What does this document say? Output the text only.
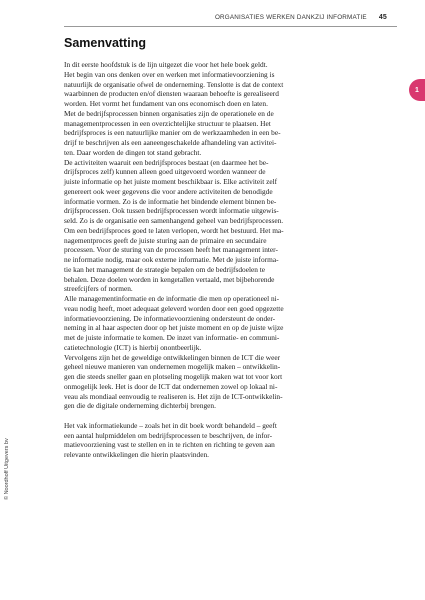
ORGANISATIES WERKEN DANKZIJ INFORMATIE 45
1
Samenvatting
In dit eerste hoofdstuk is de lijn uitgezet die voor het hele boek geldt.
Het begin van ons denken over en werken met informatievoorziening is
natuurlijk de organisatie ofwel de onderneming. Tenslotte is dat de context
waarbinnen de producten en/of diensten waaraan behoefte is gerealiseerd
worden. Het vormt het fundament van ons economisch doen en laten.
Met de bedrijfsprocessen binnen organisaties zijn de operationele en de
managementprocessen in een overzichtelijke structuur te plaatsen. Het
bedrijfsproces is een natuurlijke manier om de werkzaamheden in een be-
drijf te beschrijven als een aaneengeschakelde afhandeling van activitei-
ten. Daar worden de dingen tot stand gebracht.
De activiteiten waaruit een bedrijfsproces bestaat (en daarmee het be-
drijfsproces zelf) kunnen alleen goed uitgevoerd worden wanneer de
juiste informatie op het juiste moment beschikbaar is. Elke activiteit zelf
genereert ook weer gegevens die voor andere activiteiten de benodigde
informatie vormen. Zo is de informatie het bindende element binnen be-
drijfsprocessen. Ook tussen bedrijfsprocessen wordt informatie uitgewis-
seld. Zo is de organisatie een samenhangend geheel van bedrijfsprocessen.
Om een bedrijfsproces goed te laten verlopen, wordt het bestuurd. Het ma-
nagementproces geeft de juiste sturing aan de primaire en secundaire
processen. Voor de sturing van de processen heeft het management inter-
ne informatie nodig, maar ook externe informatie. Met de juiste informa-
tie kan het management de strategie bepalen om de bedrijfsdoelen te
behalen. Deze doelen worden in kengetallen vertaald, met bijbehorende
streefcijfers of normen.
Alle managementinformatie en de informatie die men op operationeel ni-
veau nodig heeft, moet adequaat geleverd worden door een goed opgezette
informatievoorziening. De informatievoorziening ondersteunt de onder-
neming in al haar aspecten door op het juiste moment en op de juiste wijze
met de juiste informatie te komen. De inzet van informatie- en communi-
catietechnologie (ICT) is hierbij onontbeerlijk.
Vervolgens zijn het de geweldige ontwikkelingen binnen de ICT die weer
geheel nieuwe manieren van ondernemen mogelijk maken – ontwikkelin-
gen die steeds sneller gaan en plotseling mogelijk maken wat tot voor kort
onmogelijk leek. Het is door de ICT dat ondernemen zowel op lokaal ni-
veau als mondiaal eenvoudig te realiseren is. Het zijn de ICT-ontwikkelin-
gen die de digitale onderneming dichterbij brengen.
Het vak informatiekunde – zoals het in dit boek wordt behandeld – geeft
een aantal hulpmiddelen om bedrijfsprocessen te beschrijven, de infor-
matievoorziening vast te stellen en in te richten en richting te geven aan
relevante ontwikkelingen die hierin plaatsvinden.
© Noordhoff Uitgevers bv
